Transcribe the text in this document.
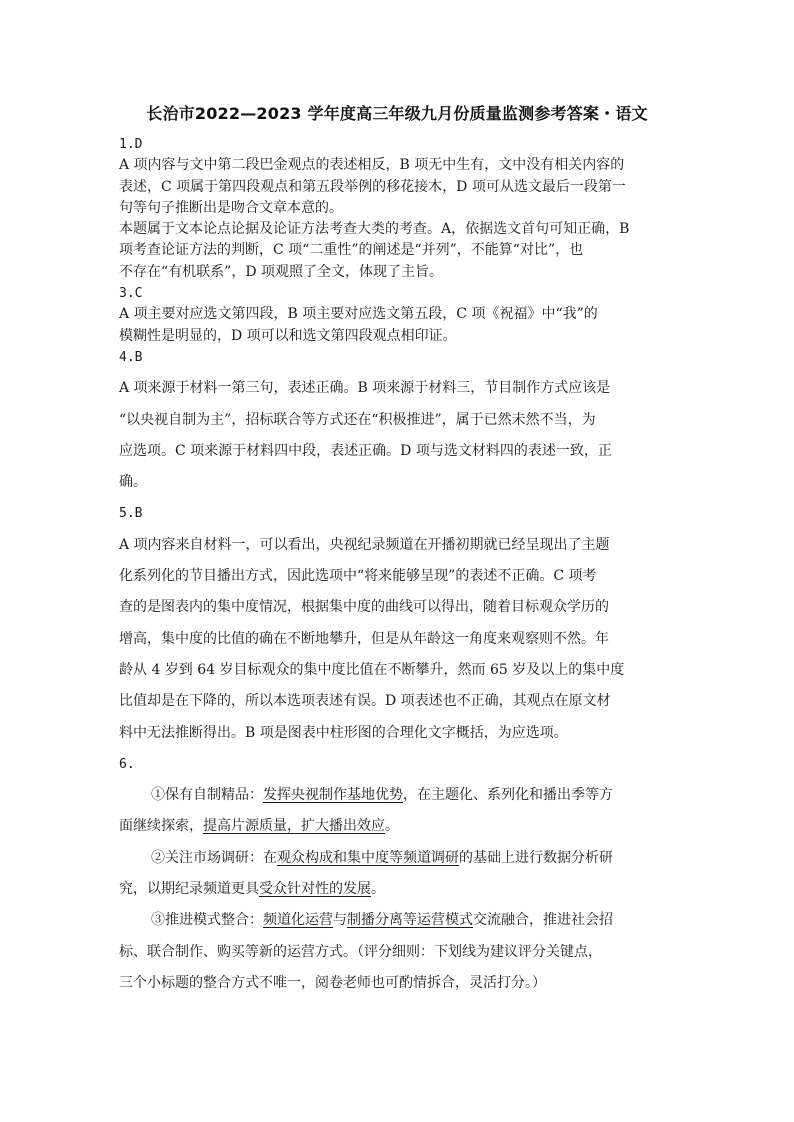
长治市2022—2023 学年度高三年级九月份质量监测参考答案・语文
1.D
A 项内容与文中第二段巴金观点的表述相反，B 项无中生有，文中没有相关内容的
表述，C 项属于第四段观点和第五段举例的移花接木，D 项可从选文最后一段第一
句等句子推断出是吻合文章本意的。
本题属于文本论点论据及论证方法考查大类的考查。A，依据选文首句可知正确，B
项考查论证方法的判断，C 项“二重性”的阐述是“并列”，不能算“对比”，也
不存在“有机联系”，D 项观照了全文，体现了主旨。
3.C
A 项主要对应选文第四段，B 项主要对应选文第五段，C 项《祝福》中“我”的
模糊性是明显的，D 项可以和选文第四段观点相印证。
4.B
A 项来源于材料一第三句，表述正确。B 项来源于材料三，节目制作方式应该是
“以央视自制为主”，招标联合等方式还在“积极推进”，属于已然未然不当，为
应选项。C 项来源于材料四中段，表述正确。D 项与选文材料四的表述一致，正
确。
5.B
A 项内容来自材料一，可以看出，央视纪录频道在开播初期就已经呈现出了主题
化系列化的节目播出方式，因此选项中“将来能够呈现”的表述不正确。C 项考
查的是图表内的集中度情况，根据集中度的曲线可以得出，随着目标观众学历的
增高，集中度的比值的确在不断地攀升，但是从年龄这一角度来观察则不然。年
龄从 4 岁到 64 岁目标观众的集中度比值在不断攀升，然而 65 岁及以上的集中度
比值却是在下降的，所以本选项表述有误。D 项表述也不正确，其观点在原文材
料中无法推断得出。B 项是图表中柱形图的合理化文字概括，为应选项。
6.
①保有自制精品：发挥央视制作基地优势，在主题化、系列化和播出季等方
面继续探索，提高片源质量，扩大播出效应。
②关注市场调研：在观众构成和集中度等频道调研的基础上进行数据分析研
究，以期纪录频道更具受众针对性的发展。
③推进模式整合：频道化运营与制播分离等运营模式交流融合，推进社会招
标、联合制作、购买等新的运营方式。（评分细则：下划线为建议评分关键点，
三个小标题的整合方式不唯一，阅卷老师也可酌情拆合，灵活打分。）
